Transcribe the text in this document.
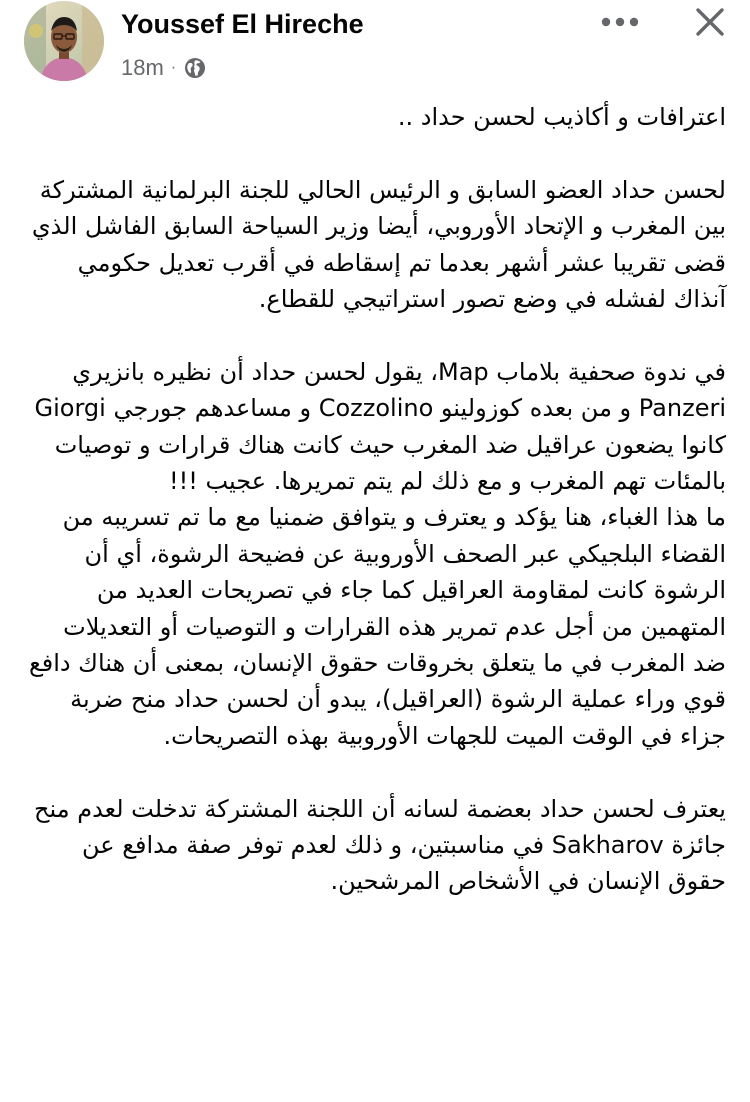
Youssef El Hireche
18m ·

اعترافات و أكاذيب لحسن حداد ..

لحسن حداد العضو السابق و الرئيس الحالي للجنة البرلمانية المشتركة بين المغرب و الإتحاد الأوروبي، أيضا وزير السياحة السابق الفاشل الذي قضى تقريبا عشر أشهر بعدما تم إسقاطه في أقرب تعديل حكومي آنذاك لفشله في وضع تصور استراتيجي للقطاع.

في ندوة صحفية بلاماب Map، يقول لحسن حداد أن نظيره بانزيري Panzeri و من بعده كوزولينو Cozzolino و مساعدهم جورجي Giorgi كانوا يضعون عراقيل ضد المغرب حيث كانت هناك قرارات و توصيات بالمئات تهم المغرب و مع ذلك لم يتم تمريرها. عجيب !!!

ما هذا الغباء، هنا يؤكد و يعترف و يتوافق ضمنيا مع ما تم تسريبه من القضاء البلجيكي عبر الصحف الأوروبية عن فضيحة الرشوة، أي أن الرشوة كانت لمقاومة العراقيل كما جاء في تصريحات العديد من المتهمين من أجل عدم تمرير هذه القرارات و التوصيات أو التعديلات ضد المغرب في ما يتعلق بخروقات حقوق الإنسان، بمعنى أن هناك دافع قوي وراء عملية الرشوة (العراقيل)، يبدو أن لحسن حداد منح ضربة جزاء في الوقت الميت للجهات الأوروبية بهذه التصريحات.

يعترف لحسن حداد بعضمة لسانه أن اللجنة المشتركة تدخلت لعدم منح جائزة Sakharov في مناسبتين، و ذلك لعدم توفر صفة مدافع عن حقوق الإنسان في الأشخاص المرشحين.
